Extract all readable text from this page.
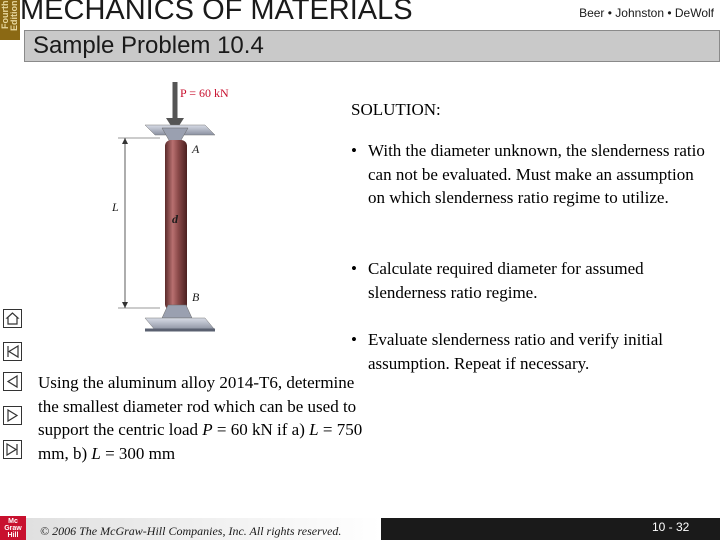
Fourth Edition MECHANICS OF MATERIALS	Beer • Johnston • DeWolf
Sample Problem 10.4
P = 60 kN
A
B
L
d
SOLUTION:
• With the diameter unknown, the slenderness ratio can not be evaluated. Must make an assumption on which slenderness ratio regime to utilize.
• Calculate required diameter for assumed slenderness ratio regime.
• Evaluate slenderness ratio and verify initial assumption. Repeat if necessary.
Using the aluminum alloy 2014-T6, determine the smallest diameter rod which can be used to support the centric load P = 60 kN if a) L = 750 mm, b) L = 300 mm
© 2006 The McGraw-Hill Companies, Inc. All rights reserved.	10 - 32
Mc Graw Hill
